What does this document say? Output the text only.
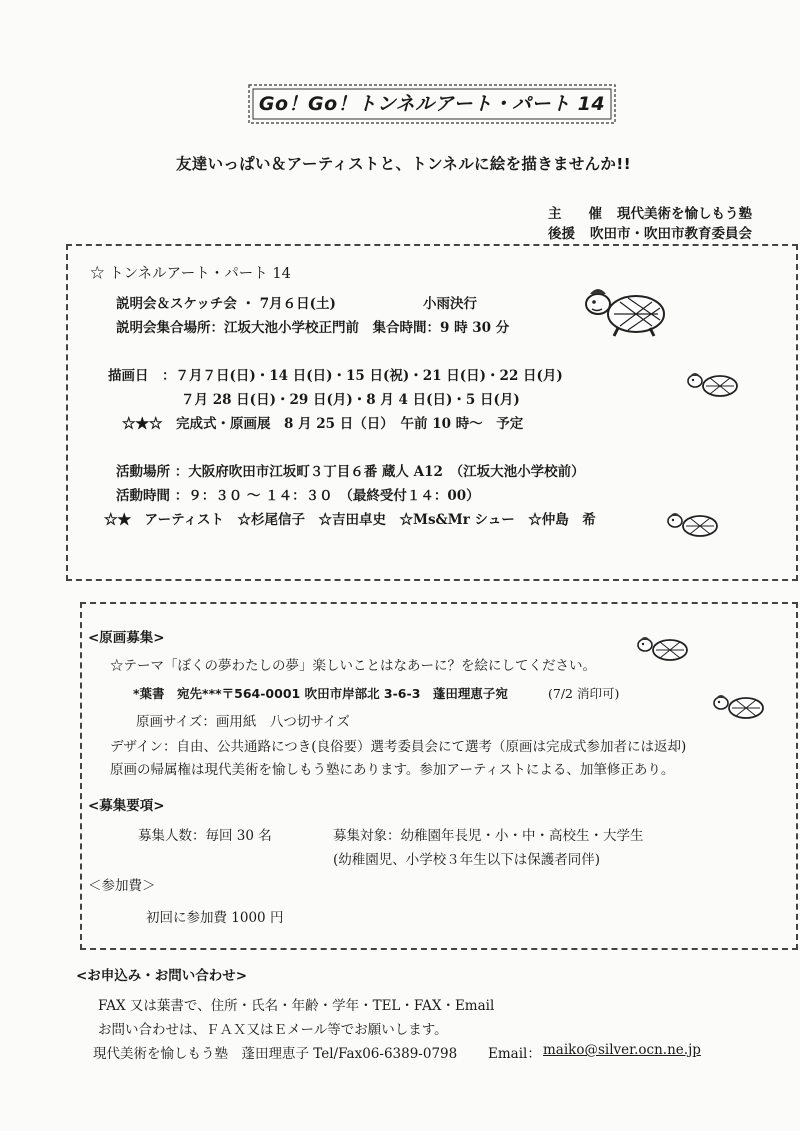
Go！Go！トンネルアート・パート 14
友達いっぱい＆アーティストと、トンネルに絵を描きませんか!!
主　　催 現代美術を愉しもう塾
後援 吹田市・吹田市教育委員会
☆ トンネルアート・パート 14
説明会＆スケッチ会 ・ 7月６日(土)	小雨決行
説明会集合場所：江坂大池小学校正門前　集合時間：9 時 30 分
描画日　：７月７日(日)・14 日(日)・15 日(祝)・21 日(日)・22 日(月)
７月 28 日(日)・29 日(月)・8 月 4 日(日)・5 日(月)
☆★☆　完成式・原画展　8 月 25 日（日）　午前 10 時～　予定
活動場所 ：大阪府吹田市江坂町３丁目６番 蔵人 A12　（江坂大池小学校前）
活動時間 ：９：３０ ～ １４：３０　（最終受付１４：00）
☆★　アーティスト　☆杉尾信子　☆吉田卓史　☆Ms&Mr シュー　☆仲島　希
<原画募集>
☆テーマ「ぼくの夢わたしの夢」楽しいことはなあーに？を絵にしてください。
*葉書　宛先***〒564-0001 吹田市岸部北 3-6-3　蓬田理恵子宛	(7/2 消印可)
原画サイズ：画用紙　八つ切サイズ
デザイン：自由、公共通路につき(良俗要）選考委員会にて選考（原画は完成式参加者には返却)
原画の帰属権は現代美術を愉しもう塾にあります。参加アーティストによる、加筆修正あり。
<募集要項>
募集人数：毎回 30 名	募集対象：幼稚園年長児・小・中・高校生・大学生
(幼稚園児、小学校３年生以下は保護者同伴)
＜参加費＞
初回に参加費 1000 円
<お申込み・お問い合わせ>
FAX 又は葉書で、住所・氏名・年齢・学年・TEL・FAX・Email
お問い合わせは、ＦＡＸ又はＥメール等でお願いします。
現代美術を愉しもう塾　蓬田理恵子 Tel/Fax06-6389-0798 Email： maiko@silver.ocn.ne.jp
